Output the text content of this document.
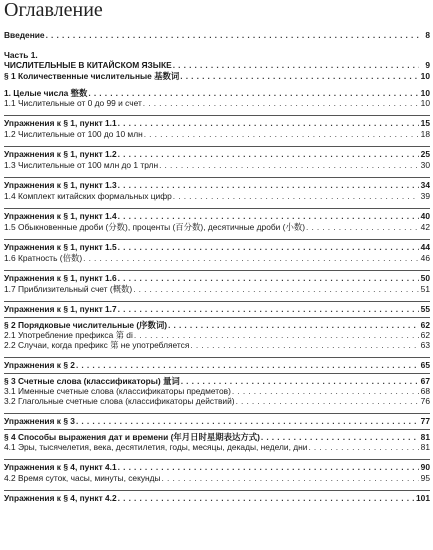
Оглавление
Введение . . .	8
Часть 1.
ЧИСЛИТЕЛЬНЫЕ В КИТАЙСКОМ ЯЗЫКЕ . . .	9
§ 1 Количественные числительные 基数词 . . .	10
1. Целые числа 整数 . . .	10
1.1 Числительные от 0 до 99 и счет . . .	10
Упражнения к § 1, пункт 1.1 . . .	15
1.2 Числительные от 100 до 10 млн . . .	18
Упражнения к § 1, пункт 1.2 . . .	25
1.3 Числительные от 100 млн до 1 трлн . . .	30
Упражнения к § 1, пункт 1.3 . . .	34
1.4 Комплект китайских формальных цифр . . .	39
Упражнения к § 1, пункт 1.4 . . .	40
1.5 Обыкновенные дроби (分数), проценты (百分数), десятичные дроби (小数) . . .	42
Упражнения к § 1, пункт 1.5 . . .	44
1.6 Кратность (倍数) . . .	46
Упражнения к § 1, пункт 1.6 . . .	50
1.7 Приблизительный счет (概数) . . .	51
Упражнения к § 1, пункт 1.7 . . .	55
§ 2 Порядковые числительные (序数词) . . .	62
2.1 Употребление префикса 第 di . . .	62
2.2 Случаи, когда префикс 第 не употребляется . . .	63
Упражнения к § 2 . . .	65
§ 3 Счетные слова (классификаторы) 量词 . . .	67
3.1 Именные счетные слова (классификаторы предметов) . . .	68
3.2 Глагольные счетные слова (классификаторы действий) . . .	76
Упражнения к § 3 . . .	77
§ 4 Способы выражения дат и времени (年月日时星期表达方式) . . .	81
4.1 Эры, тысячелетия, века, десятилетия, годы, месяцы, декады, недели, дни . . .	81
Упражнения к § 4, пункт 4.1 . . .	90
4.2 Время суток, часы, минуты, секунды . . .	95
Упражнения к § 4, пункт 4.2 . . .	101
